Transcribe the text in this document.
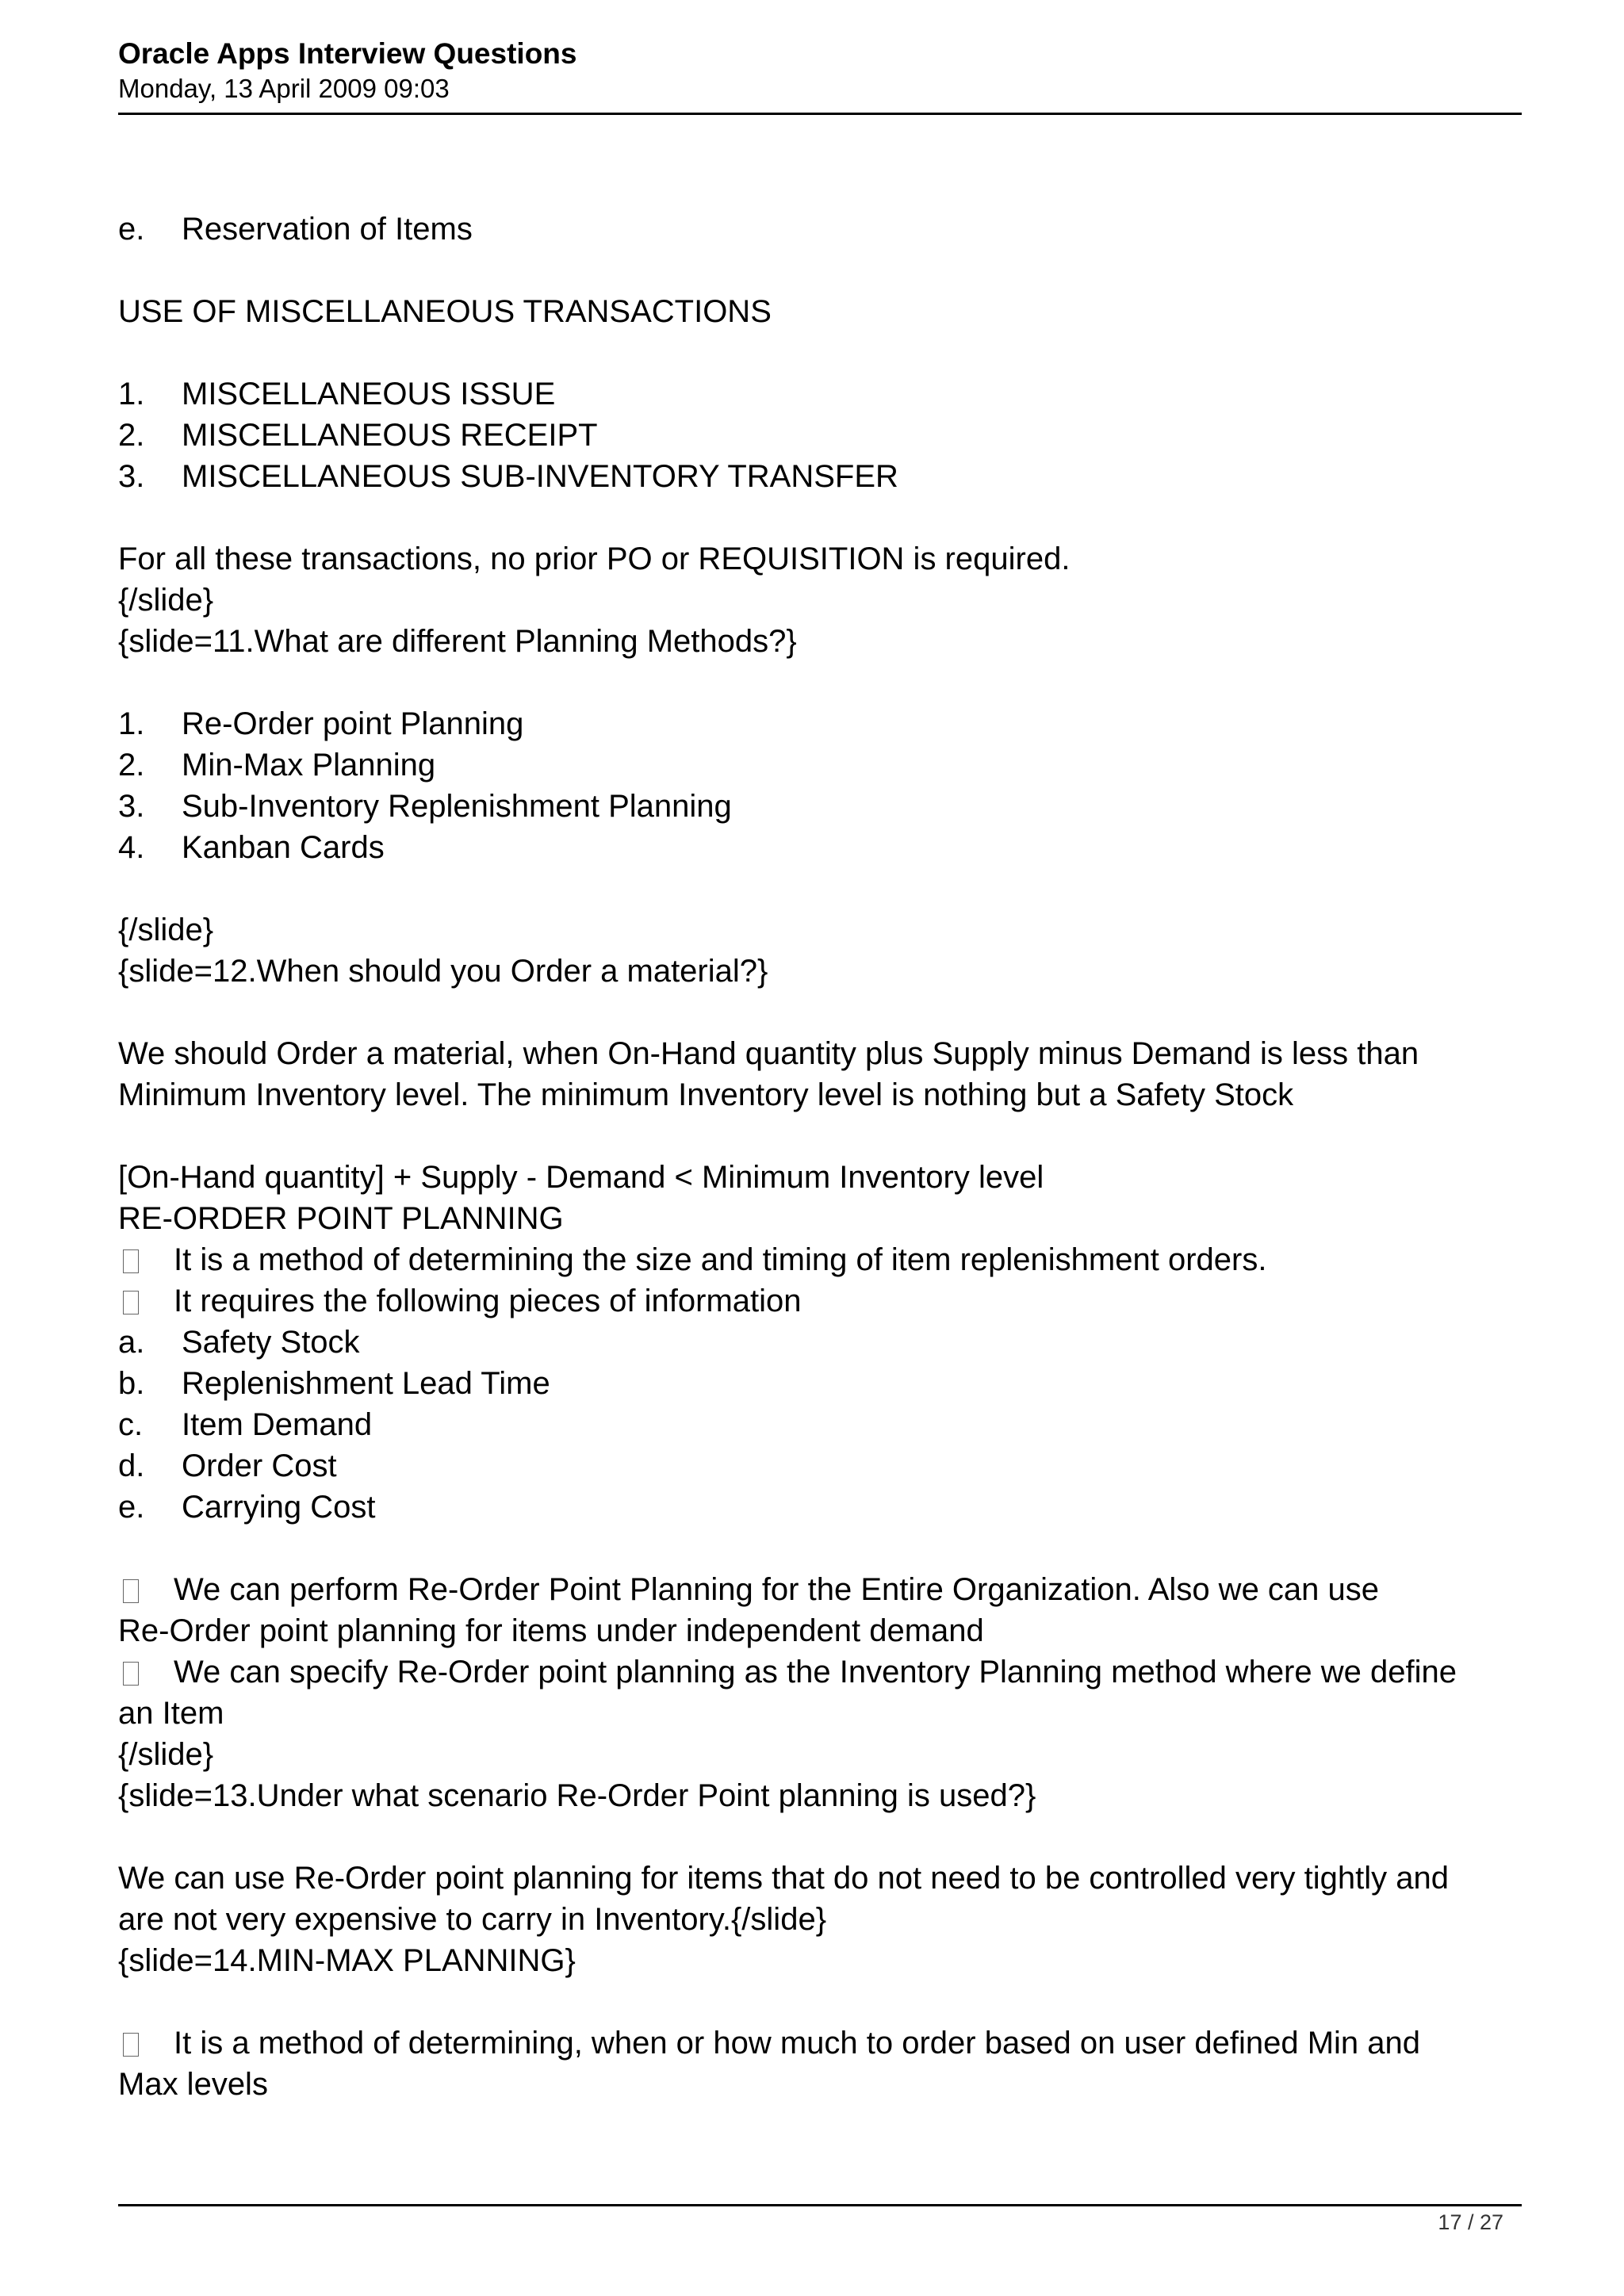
Oracle Apps Interview Questions
Monday, 13 April 2009 09:03
e. Reservation of Items
USE OF MISCELLANEOUS TRANSACTIONS
1. MISCELLANEOUS ISSUE
2. MISCELLANEOUS RECEIPT
3. MISCELLANEOUS SUB-INVENTORY TRANSFER
For all these transactions, no prior PO or REQUISITION is required.
{/slide}
{slide=11.What are different Planning Methods?}
1. Re-Order point Planning
2. Min-Max Planning
3. Sub-Inventory Replenishment Planning
4. Kanban Cards
{/slide}
{slide=12.When should you Order a material?}
We should Order a material, when On-Hand quantity plus Supply minus Demand is less than
Minimum Inventory level. The minimum Inventory level is nothing but a Safety Stock
[On-Hand quantity] + Supply - Demand < Minimum Inventory level
RE-ORDER POINT PLANNING
It is a method of determining the size and timing of item replenishment orders.
It requires the following pieces of information
a. Safety Stock
b. Replenishment Lead Time
c. Item Demand
d. Order Cost
e. Carrying Cost
We can perform Re-Order Point Planning for the Entire Organization. Also we can use
Re-Order point planning for items under independent demand
We can specify Re-Order point planning as the Inventory Planning method where we define
an Item
{/slide}
{slide=13.Under what scenario Re-Order Point planning is used?}
We can use Re-Order point planning for items that do not need to be controlled very tightly and
are not very expensive to carry in Inventory.{/slide}
{slide=14.MIN-MAX PLANNING}
It is a method of determining, when or how much to order based on user defined Min and
Max levels
17 / 27
